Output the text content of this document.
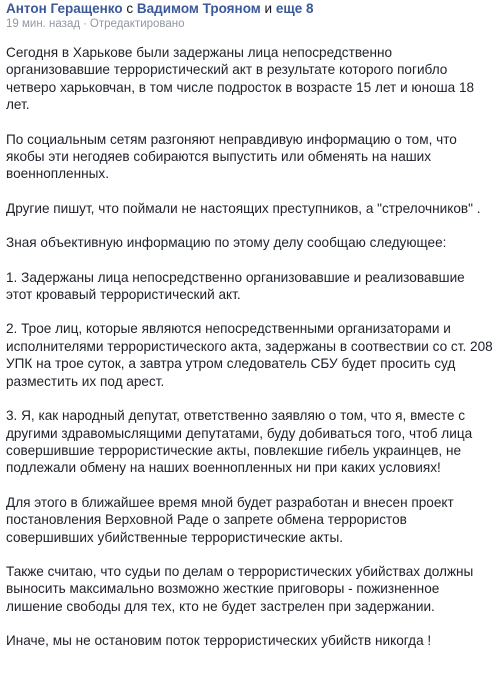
Антон Геращенко с Вадимом Трояном и еще 8
19 мин. назад · Отредактировано

Сегодня в Харькове были задержаны лица непосредственно организовавшие террористический акт в результате которого погибло четверо харьковчан, в том числе подросток в возрасте 15 лет и юноша 18 лет.

По социальным сетям разгоняют неправдивую информацию о том, что якобы эти негодяев собираются выпустить или обменять на наших военнопленных.

Другие пишут, что поймали не настоящих преступников, а "стрелочников" .

Зная объективную информацию по этому делу сообщаю следующее:

1. Задержаны лица непосредственно организовавшие и реализовавшие этот кровавый террористический акт.

2. Трое лиц, которые являются непосредственными организаторами и исполнителями террористического акта, задержаны в соотвествии со ст. 208 УПК на трое суток, а завтра утром следователь СБУ будет просить суд разместить их под арест.

3. Я, как народный депутат, ответственно заявляю о том, что я, вместе с другими здравомыслящими депутатами, буду добиваться того, чтоб лица совершившие террористические акты, повлекшие гибель украинцев, не подлежали обмену на наших военнопленных ни при каких условиях!

Для этого в ближайшее время мной будет разработан и внесен проект постановления Верховной Раде о запрете обмена террористов совершивших убийственные террористические акты.

Также считаю, что судьи по делам о террористических убийствах должны выносить максимально возможно жесткие приговоры - пожизненное лишение свободы для тех, кто не будет застрелен при задержании.

Иначе, мы не остановим поток террористических убийств никогда !
